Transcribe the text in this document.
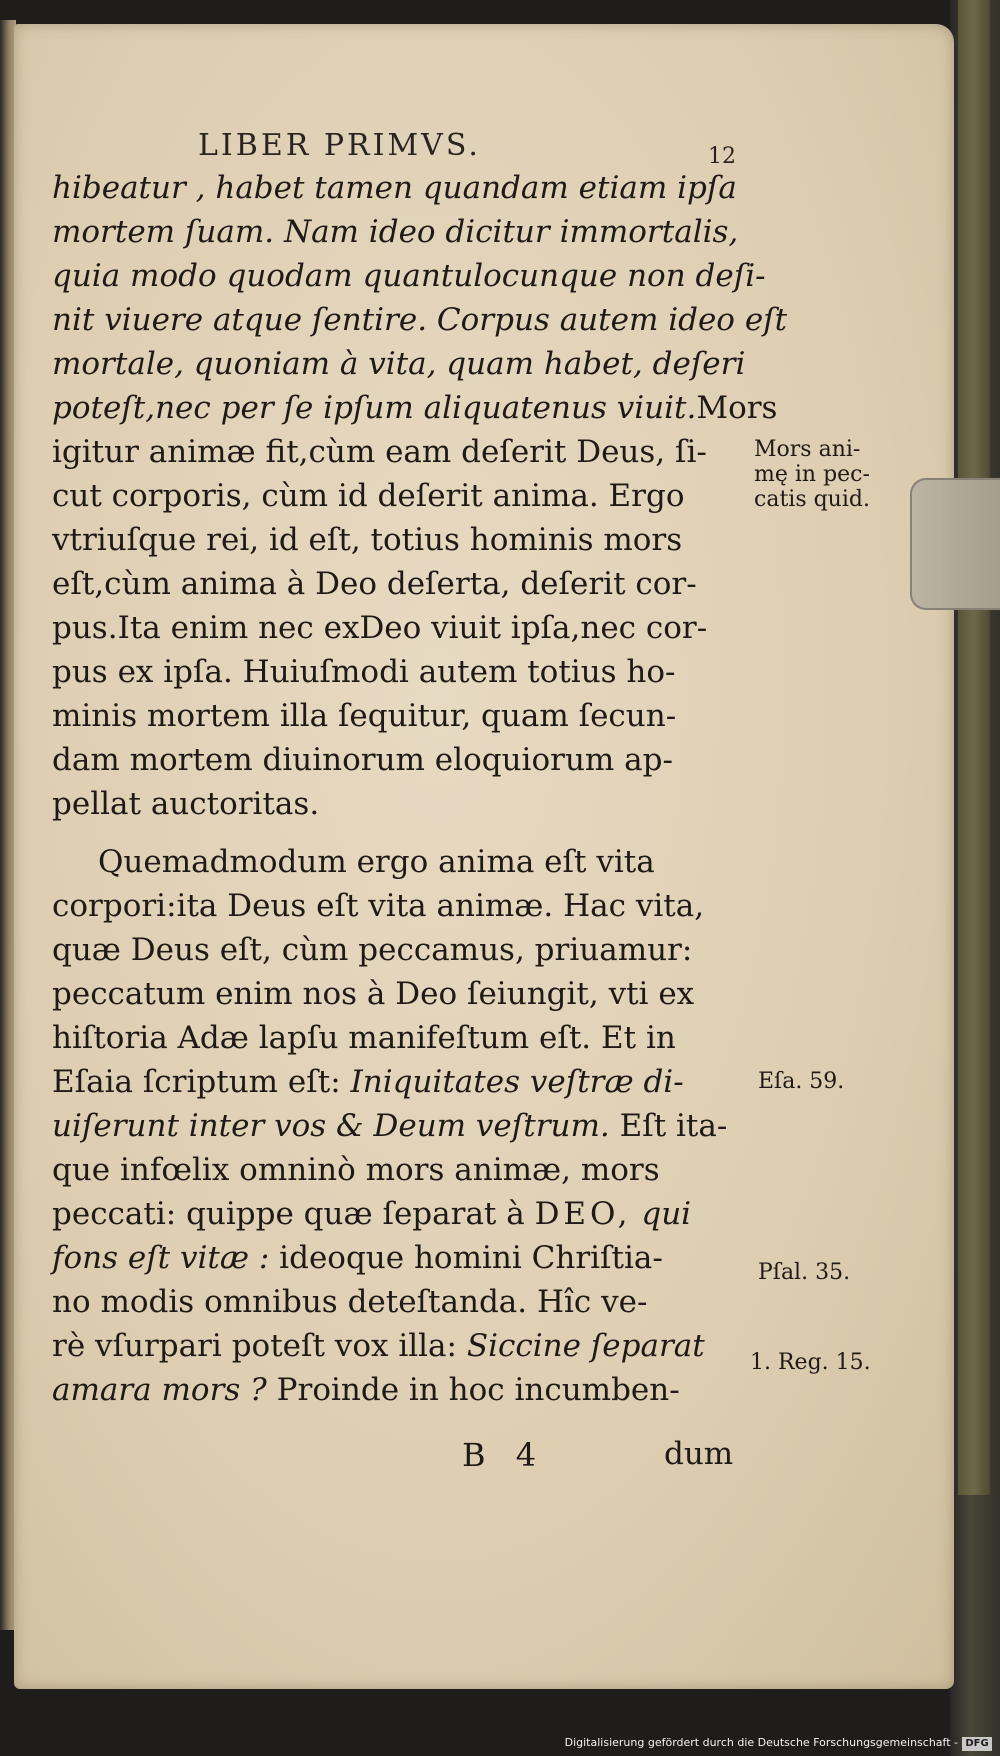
LIBER PRIMVS.	12
hibeatur , habet tamen quandam etiam ipſa
mortem ſuam. Nam ideo dicitur immortalis,
quia modo quodam quantulocunque non deſi-
nit viuere atque ſentire. Corpus autem ideo eſt
mortale, quoniam à vita, quam habet, deſeri
poteſt,nec per ſe ipſum aliquatenus viuit.Mors
igitur animæ fit,cùm eam deſerit Deus, ſi-
cut corporis, cùm id deſerit anima. Ergo
vtriuſque rei, id eſt, totius hominis mors
eſt,cùm anima à Deo deſerta, deſerit cor-
pus.Ita enim nec exDeo viuit ipſa,nec cor-
pus ex ipſa. Huiuſmodi autem totius ho-
minis mortem illa ſequitur, quam ſecun-
dam mortem diuinorum eloquiorum ap-
pellat auctoritas.
Quemadmodum ergo anima eſt vita
corpori:ita Deus eſt vita animæ. Hac vita,
quæ Deus eſt, cùm peccamus, priuamur:
peccatum enim nos à Deo ſeiungit, vti ex
hiſtoria Adæ lapſu manifeſtum eſt. Et in
Eſaia ſcriptum eſt: Iniquitates veſtræ di-
uiſerunt inter vos & Deum veſtrum. Eſt ita-
que infœlix omninò mors animæ, mors
peccati: quippe quæ ſeparat à DEO, qui
fons eſt vitæ : ideoque homini Chriſtia-
no modis omnibus deteſtanda. Hîc ve-
rè vſurpari poteſt vox illa: Siccine ſeparat
amara mors ? Proinde in hoc incumben-
Mors ani-
mę in pec-
catis quid.
Eſa. 59.
Pſal. 35.
1. Reg. 15.
B 4	dum
Digitalisierung gefördert durch die Deutsche Forschungsgemeinschaft - DFG
